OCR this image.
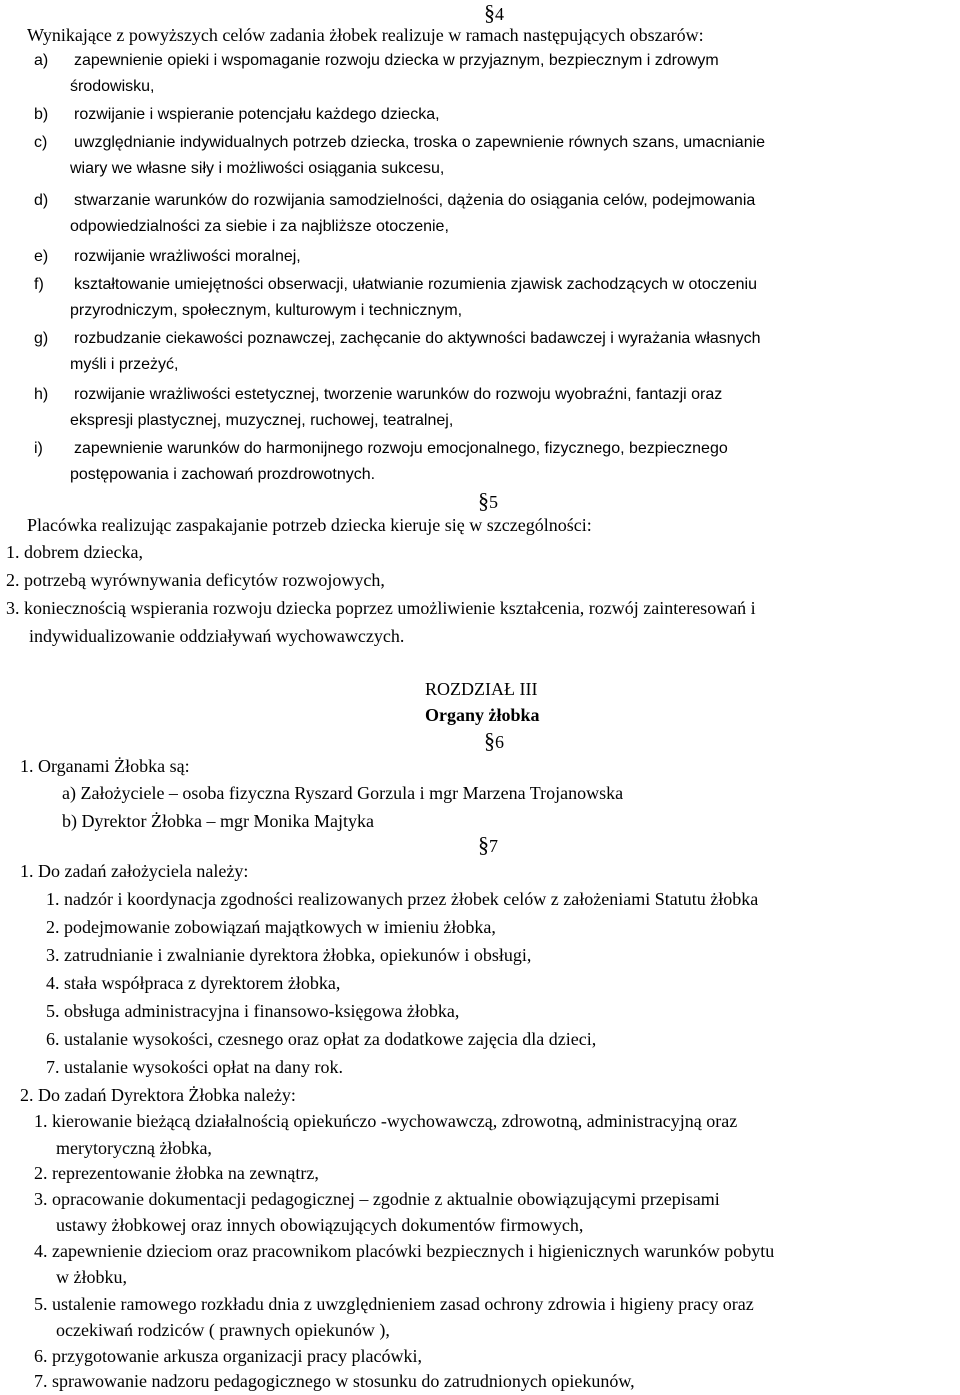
§4
Wynikające z powyższych celów zadania żłobek realizuje w ramach następujących obszarów:
a) zapewnienie opieki i wspomaganie rozwoju dziecka w przyjaznym, bezpiecznym i zdrowym
środowisku,
b) rozwijanie i wspieranie potencjału każdego dziecka,
c) uwzględnianie indywidualnych potrzeb dziecka, troska o zapewnienie równych szans, umacnianie
wiary we własne siły i możliwości osiągania sukcesu,
d) stwarzanie warunków do rozwijania samodzielności, dążenia do osiągania celów, podejmowania
odpowiedzialności za siebie i za najbliższe otoczenie,
e) rozwijanie wrażliwości moralnej,
f) kształtowanie umiejętności obserwacji, ułatwianie rozumienia zjawisk zachodzących w otoczeniu
przyrodniczym, społecznym, kulturowym i technicznym,
g) rozbudzanie ciekawości poznawczej, zachęcanie do aktywności badawczej i wyrażania własnych
myśli i przeżyć,
h) rozwijanie wrażliwości estetycznej, tworzenie warunków do rozwoju wyobraźni, fantazji oraz
ekspresji plastycznej, muzycznej, ruchowej, teatralnej,
i) zapewnienie warunków do harmonijnego rozwoju emocjonalnego, fizycznego, bezpiecznego
postępowania i zachowań prozdrowotnych.
§5
Placówka realizując zaspakajanie potrzeb dziecka kieruje się w szczególności:
1. dobrem dziecka,
2. potrzebą wyrównywania deficytów rozwojowych,
3. koniecznością wspierania rozwoju dziecka poprzez umożliwienie kształcenia, rozwój zainteresowań i
indywidualizowanie oddziaływań wychowawczych.
ROZDZIAŁ III
Organy żłobka
§6
1. Organami Żłobka są:
a) Założyciele – osoba fizyczna Ryszard Gorzula i mgr Marzena Trojanowska
b) Dyrektor Żłobka – mgr Monika Majtyka
§7
1. Do zadań założyciela należy:
1. nadzór i koordynacja zgodności realizowanych przez żłobek celów z założeniami Statutu żłobka
2. podejmowanie zobowiązań majątkowych w imieniu żłobka,
3. zatrudnianie i zwalnianie dyrektora żłobka, opiekunów i obsługi,
4. stała współpraca z dyrektorem żłobka,
5. obsługa administracyjna i finansowo-księgowa żłobka,
6. ustalanie wysokości, czesnego oraz opłat za dodatkowe zajęcia dla dzieci,
7. ustalanie wysokości opłat na dany rok.
2. Do zadań Dyrektora Żłobka należy:
1. kierowanie bieżącą działalnością opiekuńczo -wychowawczą, zdrowotną, administracyjną oraz
merytoryczną żłobka,
2. reprezentowanie żłobka na zewnątrz,
3. opracowanie dokumentacji pedagogicznej – zgodnie z aktualnie obowiązującymi przepisami
ustawy żłobkowej oraz innych obowiązujących dokumentów firmowych,
4. zapewnienie dzieciom oraz pracownikom placówki bezpiecznych i higienicznych warunków pobytu
w żłobku,
5. ustalenie ramowego rozkładu dnia z uwzględnieniem zasad ochrony zdrowia i higieny pracy oraz
oczekiwań rodziców ( prawnych opiekunów ),
6. przygotowanie arkusza organizacji pracy placówki,
7. sprawowanie nadzoru pedagogicznego w stosunku do zatrudnionych opiekunów,
